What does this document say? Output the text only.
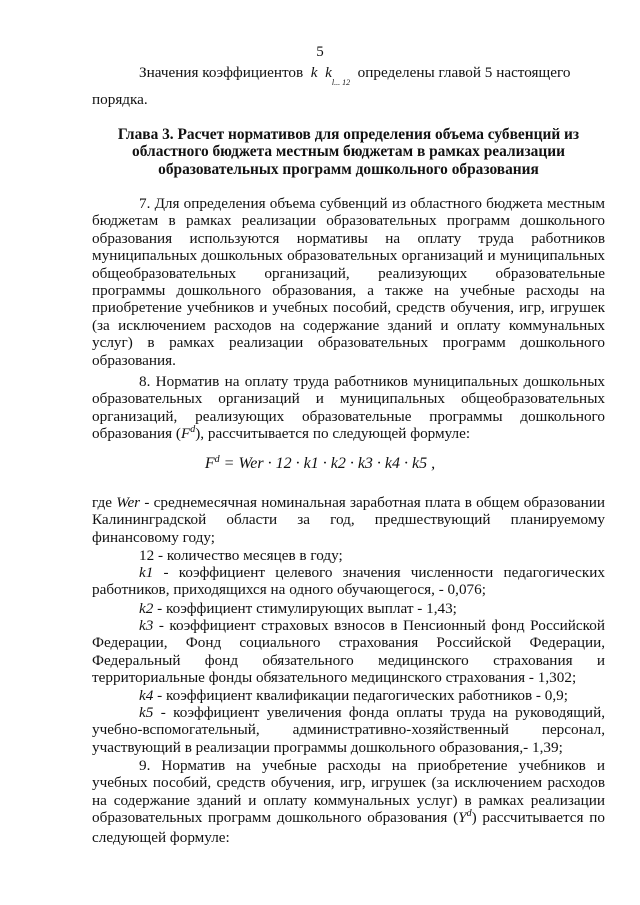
5

Значения коэффициентов k $k_{l... 12}$  определены главой 5 настоящего

порядка.

Глава 3. Расчет нормативов для определения объема субвенций из областного бюджета местным бюджетам в рамках реализации образовательных программ дошкольного образования

7. Для определения объема субвенций из областного бюджета местным бюджетам в рамках реализации образовательных программ дошкольного образования используются нормативы на оплату труда работников муниципальных дошкольных образовательных организаций и муниципальных общеобразовательных организаций, реализующих образовательные программы дошкольного образования, а также на учебные расходы на приобретение учебников и учебных пособий, средств обучения, игр, игрушек (за исключением расходов на содержание зданий и оплату коммунальных услуг) в рамках реализации образовательных программ дошкольного образования.

8. Норматив на оплату труда работников муниципальных дошкольных образовательных организаций и муниципальных общеобразовательных организаций, реализующих образовательные программы дошкольного образования $(F^d)$, рассчитывается по следующей формуле:

$F^d$ = Wer · 12 · k1 · k2 · k3 · k4 · k5 ,

где Wer - среднемесячная номинальная заработная плата в общем образовании Калининградской области за год, предшествующий планируемому финансовому году;

12 - количество месяцев в году;

k1 - коэффициент целевого значения численности педагогических работников, приходящихся на одного обучающегося, - 0,076;

k2 - коэффициент стимулирующих выплат - 1,43;

k3 - коэффициент страховых взносов в Пенсионный фонд Российской Федерации, Фонд социального страхования Российской Федерации, Федеральный фонд обязательного медицинского страхования и территориальные фонды обязательного медицинского страхования - 1,302;

k4 - коэффициент квалификации педагогических работников - 0,9;

k5 - коэффициент увеличения фонда оплаты труда на руководящий, учебно-вспомогательный, административно-хозяйственный персонал, участвующий в реализации программы дошкольного образования,- 1,39;

9. Норматив на учебные расходы на приобретение учебников и учебных пособий, средств обучения, игр, игрушек (за исключением расходов на содержание зданий и оплату коммунальных услуг) в рамках реализации образовательных программ дошкольного образования $(Y^d)$ рассчитывается по следующей формуле:
